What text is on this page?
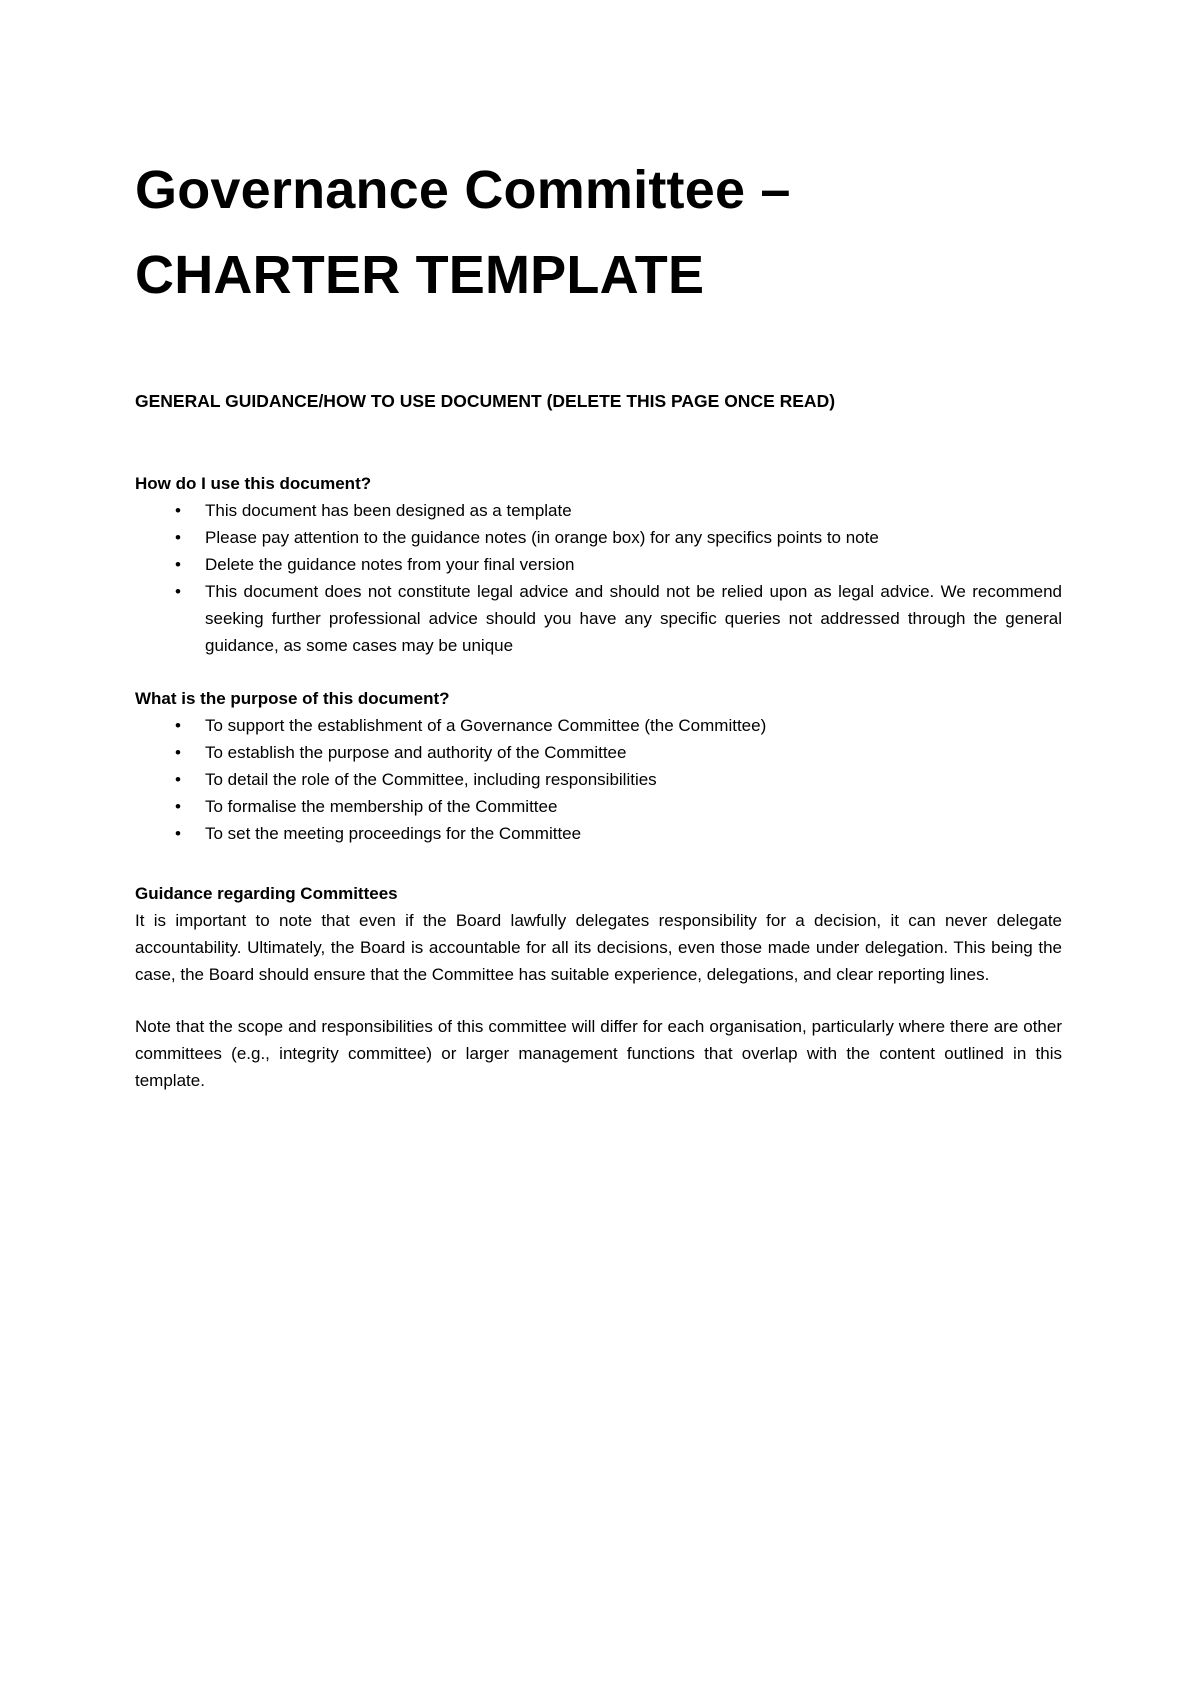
Governance Committee –
CHARTER TEMPLATE
GENERAL GUIDANCE/HOW TO USE DOCUMENT (DELETE THIS PAGE ONCE READ)
How do I use this document?
• This document has been designed as a template
• Please pay attention to the guidance notes (in orange box) for any specifics points to note
• Delete the guidance notes from your final version
• This document does not constitute legal advice and should not be relied upon as legal advice. We recommend seeking further professional advice should you have any specific queries not addressed through the general guidance, as some cases may be unique
What is the purpose of this document?
• To support the establishment of a Governance Committee (the Committee)
• To establish the purpose and authority of the Committee
• To detail the role of the Committee, including responsibilities
• To formalise the membership of the Committee
• To set the meeting proceedings for the Committee
Guidance regarding Committees

It is important to note that even if the Board lawfully delegates responsibility for a decision, it can never delegate accountability. Ultimately, the Board is accountable for all its decisions, even those made under delegation. This being the case, the Board should ensure that the Committee has suitable experience, delegations, and clear reporting lines.

Note that the scope and responsibilities of this committee will differ for each organisation, particularly where there are other committees (e.g., integrity committee) or larger management functions that overlap with the content outlined in this template.
